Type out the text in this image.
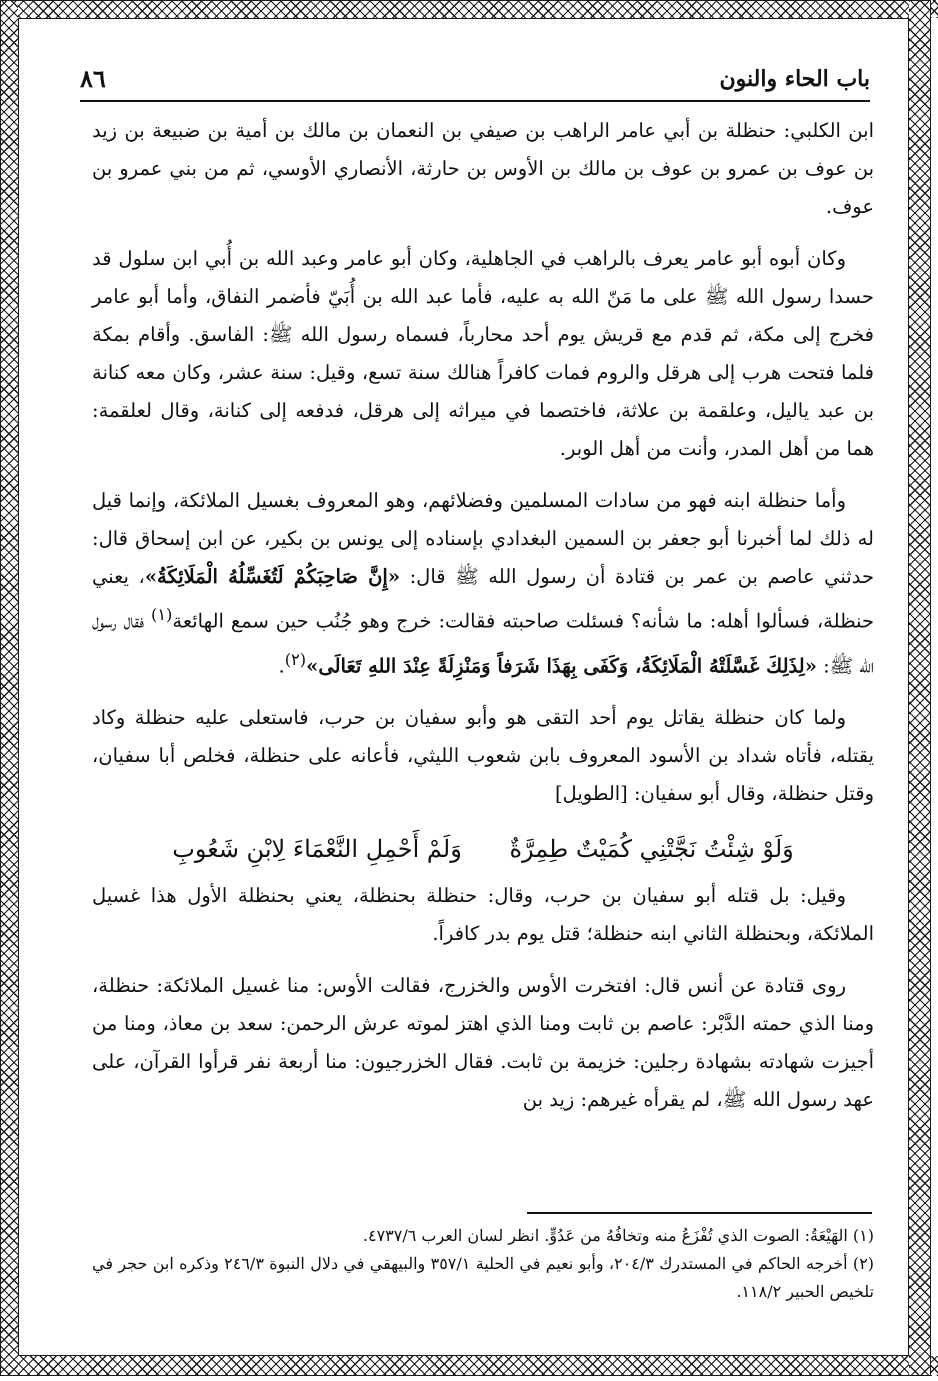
باب الحاء والنون
٨٦

ابن الكلبي: حنظلة بن أبي عامر الراهب بن صيفي بن النعمان بن مالك بن أمية بن ضبيعة بن زيد بن عوف بن عمرو بن عوف بن مالك بن الأوس بن حارثة، الأنصاري الأوسي، ثم من بني عمرو بن عوف.

وكان أبوه أبو عامر يعرف بالراهب في الجاهلية، وكان أبو عامر وعبد الله بن أُبي ابن سلول قد حسدا رسول الله ﷺ على ما مَنّ الله به عليه، فأما عبد الله بن أُبَيّ فأضمر النفاق، وأما أبو عامر فخرج إلى مكة، ثم قدم مع قريش يوم أحد محارباً، فسماه رسول الله ﷺ: الفاسق. وأقام بمكة فلما فتحت هرب إلى هرقل والروم فمات كافراً هنالك سنة تسع، وقيل: سنة عشر، وكان معه كنانة بن عبد ياليل، وعلقمة بن علاثة، فاختصما في ميراثه إلى هرقل، فدفعه إلى كنانة، وقال لعلقمة: هما من أهل المدر، وأنت من أهل الوبر.

وأما حنظلة ابنه فهو من سادات المسلمين وفضلائهم، وهو المعروف بغسيل الملائكة، وإنما قيل له ذلك لما أخبرنا أبو جعفر بن السمين البغدادي بإسناده إلى يونس بن بكير، عن ابن إسحاق قال: حدثني عاصم بن عمر بن قتادة أن رسول الله ﷺ قال: «إِنَّ صَاحِبَكُمْ لَتُغَسِّلُهُ الْمَلَائِكَةُ»، يعني حنظلة، فسألوا أهله: ما شأنه؟ فسئلت صاحبته فقالت: خرج وهو جُنُب حين سمع الهائعة$^{(١)}$ فقال رسول الله ﷺ: «لِذَلِكَ غَسَّلَتْهُ الْمَلَائِكَةُ، وَكَفَى بِهَذَا شَرَفاً وَمَنْزِلَةً عِنْدَ اللهِ تَعَالَى»$^{(٢)}$.

ولما كان حنظلة يقاتل يوم أحد التقى هو وأبو سفيان بن حرب، فاستعلى عليه حنظلة وكاد يقتله، فأتاه شداد بن الأسود المعروف بابن شعوب الليثي، فأعانه على حنظلة، فخلص أبا سفيان، وقتل حنظلة، وقال أبو سفيان: [الطويل]

وَلَوْ شِئْتُ نَجَّتْنِي كُمَيْتٌ طِمِرَّةٌ وَلَمْ أَحْمِلِ النَّعْمَاءَ لِابْنِ شَعُوبِ

وقيل: بل قتله أبو سفيان بن حرب، وقال: حنظلة بحنظلة، يعني بحنظلة الأول هذا غسيل الملائكة، وبحنظلة الثاني ابنه حنظلة؛ قتل يوم بدر كافراً.

روى قتادة عن أنس قال: افتخرت الأوس والخزرج، فقالت الأوس: منا غسيل الملائكة: حنظلة، ومنا الذي حمته الدَّبْر: عاصم بن ثابت ومنا الذي اهتز لموته عرش الرحمن: سعد بن معاذ، ومنا من أجيزت شهادته بشهادة رجلين: خزيمة بن ثابت. فقال الخزرجيون: منا أربعة نفر قرأوا القرآن، على عهد رسول الله ﷺ، لم يقرأه غيرهم: زيد بن

(١) الهَيْعَةُ: الصوت الذي تُفْزَعُ منه وتخافُهُ من عَدُوٍّ. انظر لسان العرب ٤٧٣٧/٦.

(٢) أخرجه الحاكم في المستدرك ٢٠٤/٣، وأبو نعيم في الحلية ٣٥٧/١ والبيهقي في دلال النبوة ٢٤٦/٣ وذكره ابن حجر في تلخيص الحبير ١١٨/٢.
